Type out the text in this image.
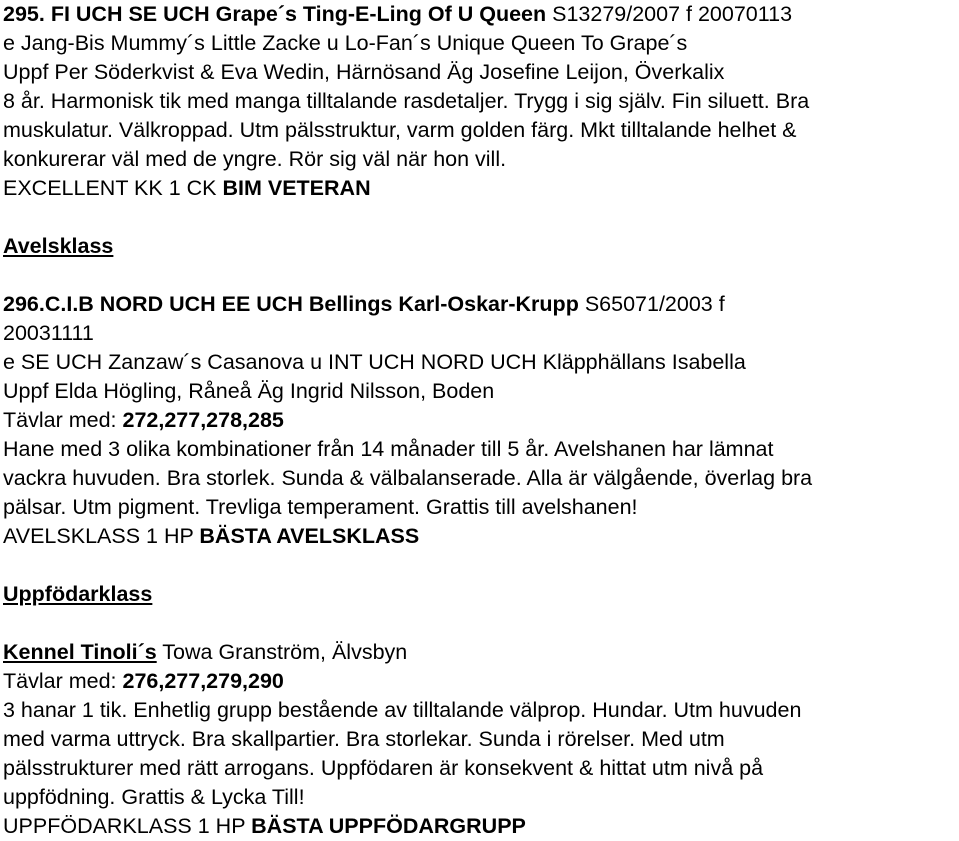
295. FI UCH SE UCH Grape´s Ting-E-Ling Of U Queen S13279/2007 f 20070113
e Jang-Bis Mummy´s Little Zacke u Lo-Fan´s Unique Queen To Grape´s
Uppf Per Söderkvist & Eva Wedin, Härnösand Äg Josefine Leijon, Överkalix
8 år. Harmonisk tik med manga tilltalande rasdetaljer. Trygg i sig själv. Fin siluett. Bra
muskulatur. Välkroppad. Utm pälsstruktur, varm golden färg. Mkt tilltalande helhet &
konkurerar väl med de yngre. Rör sig väl när hon vill.
EXCELLENT KK 1 CK BIM VETERAN
Avelsklass
296.C.I.B NORD UCH EE UCH Bellings Karl-Oskar-Krupp S65071/2003 f
20031111
e SE UCH Zanzaw´s Casanova u INT UCH NORD UCH Kläpphällans Isabella
Uppf Elda Högling, Råneå Äg Ingrid Nilsson, Boden
Tävlar med: 272,277,278,285
Hane med 3 olika kombinationer från 14 månader till 5 år. Avelshanen har lämnat
vackra huvuden. Bra storlek. Sunda & välbalanserade. Alla är välgående, överlag bra
pälsar. Utm pigment. Trevliga temperament. Grattis till avelshanen!
AVELSKLASS 1 HP BÄSTA AVELSKLASS
Uppfödarklass
Kennel Tinoli´s Towa Granström, Älvsbyn
Tävlar med: 276,277,279,290
3 hanar 1 tik. Enhetlig grupp bestående av tilltalande välprop. Hundar. Utm huvuden
med varma uttryck. Bra skallpartier. Bra storlekar. Sunda i rörelser. Med utm
pälsstrukturer med rätt arrogans. Uppfödaren är konsekvent & hittat utm nivå på
uppfödning. Grattis & Lycka Till!
UPPFÖDARKLASS 1 HP BÄSTA UPPFÖDARGRUPP
